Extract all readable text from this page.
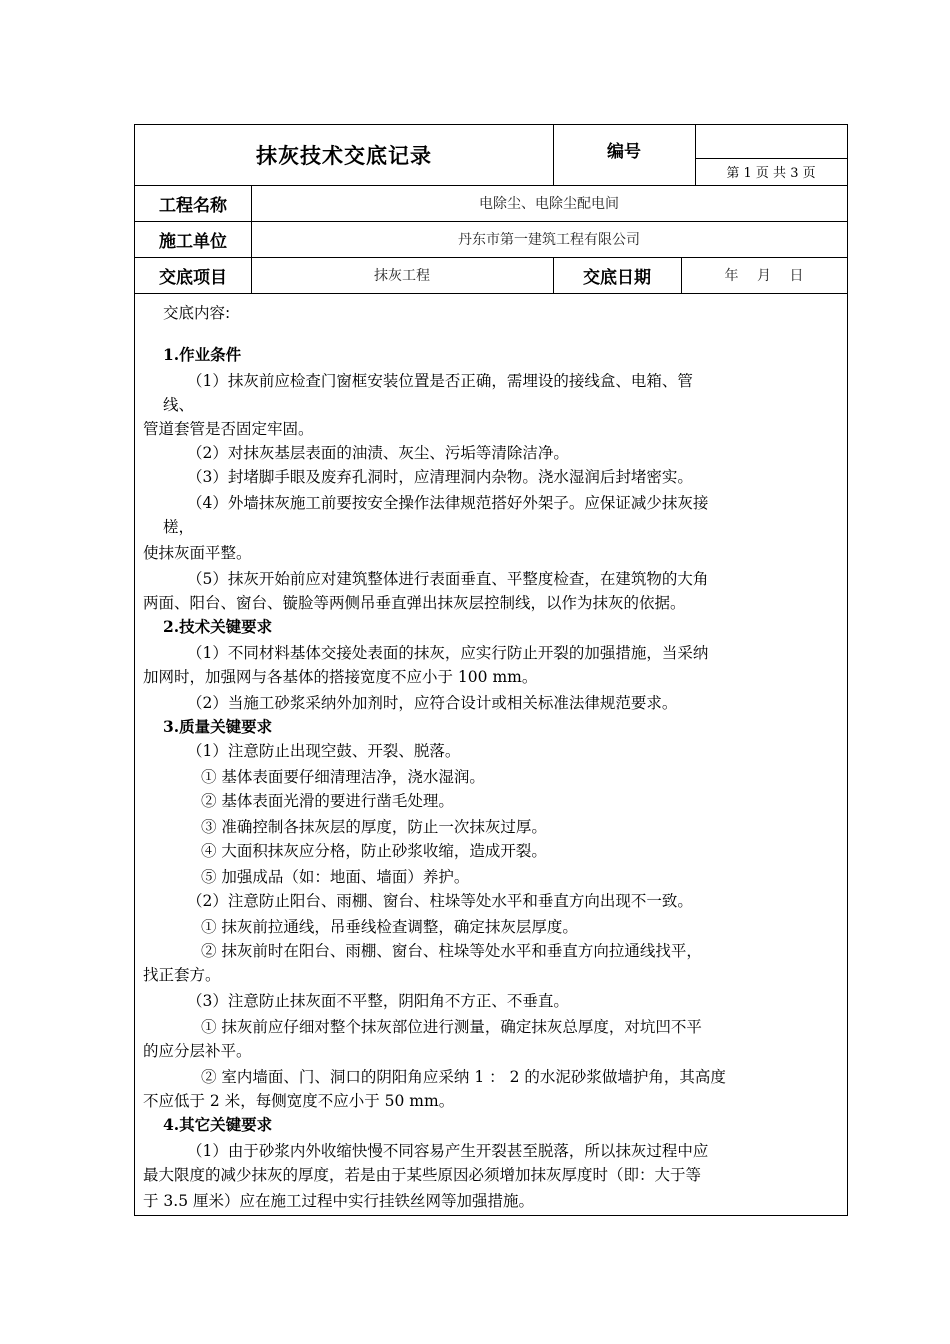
抹灰技术交底记录	编号
第 1 页 共 3 页
工程名称	电除尘、电除尘配电间
施工单位	丹东市第一建筑工程有限公司
交底项目	抹灰工程	交底日期	年 月 日
交底内容:
1.作业条件
（1）抹灰前应检查门窗框安装位置是否正确，需埋设的接线盒、电箱、管
线、
管道套管是否固定牢固。
（2）对抹灰基层表面的油渍、灰尘、污垢等清除洁净。
（3）封堵脚手眼及废弃孔洞时，应清理洞内杂物。浇水湿润后封堵密实。
（4）外墙抹灰施工前要按安全操作法律规范搭好外架子。应保证减少抹灰接
槎，
使抹灰面平整。
（5）抹灰开始前应对建筑整体进行表面垂直、平整度检查，在建筑物的大角
两面、阳台、窗台、镟脸等两侧吊垂直弹出抹灰层控制线，以作为抹灰的依据。
2.技术关键要求
（1）不同材料基体交接处表面的抹灰，应实行防止开裂的加强措施，当采纳
加网时，加强网与各基体的搭接宽度不应小于 100 mm。
（2）当施工砂浆采纳外加剂时，应符合设计或相关标准法律规范要求。
3.质量关键要求
（1）注意防止出现空鼓、开裂、脱落。
① 基体表面要仔细清理洁净，浇水湿润。
② 基体表面光滑的要进行凿毛处理。
③ 准确控制各抹灰层的厚度，防止一次抹灰过厚。
④ 大面积抹灰应分格，防止砂浆收缩，造成开裂。
⑤ 加强成品（如：地面、墙面）养护。
（2）注意防止阳台、雨棚、窗台、柱垛等处水平和垂直方向出现不一致。
① 抹灰前拉通线，吊垂线检查调整，确定抹灰层厚度。
② 抹灰前时在阳台、雨棚、窗台、柱垛等处水平和垂直方向拉通线找平，
找正套方。
（3）注意防止抹灰面不平整，阴阳角不方正、不垂直。
① 抹灰前应仔细对整个抹灰部位进行测量，确定抹灰总厚度，对坑凹不平
的应分层补平。
② 室内墙面、门、洞口的阴阳角应采纳 1 ： 2 的水泥砂浆做墙护角，其高度
不应低于 2 米，每侧宽度不应小于 50 mm。
4.其它关键要求
（1）由于砂浆内外收缩快慢不同容易产生开裂甚至脱落，所以抹灰过程中应
最大限度的减少抹灰的厚度，若是由于某些原因必须增加抹灰厚度时（即：大于等
于 3.5 厘米）应在施工过程中实行挂铁丝网等加强措施。
